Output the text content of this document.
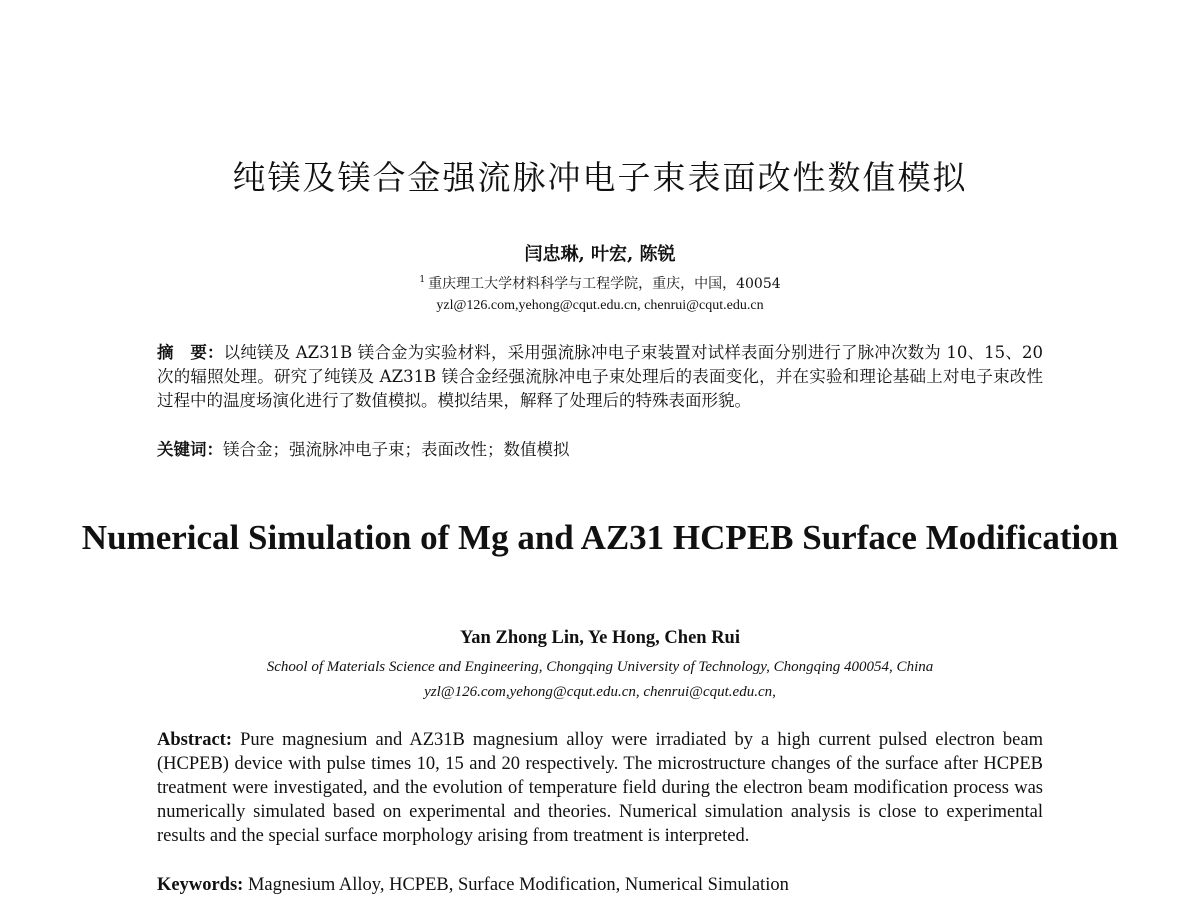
纯镁及镁合金强流脉冲电子束表面改性数值模拟
闫忠琳, 叶宏, 陈锐
$^1$ 重庆理工大学材料科学与工程学院，重庆，中国，40054
yzl@126.com,yehong@cqut.edu.cn, chenrui@cqut.edu.cn

摘　要：以纯镁及 AZ31B 镁合金为实验材料，采用强流脉冲电子束装置对试样表面分别进行了脉冲次数为 10、15、20 次的辐照处理。研究了纯镁及 AZ31B 镁合金经强流脉冲电子束处理后的表面变化，并在实验和理论基础上对电子束改性过程中的温度场演化进行了数值模拟。模拟结果，解释了处理后的特殊表面形貌。

关键词：镁合金；强流脉冲电子束；表面改性；数值模拟

Numerical Simulation of Mg and AZ31 HCPEB Surface Modification
Yan Zhong Lin, Ye Hong, Chen Rui
School of Materials Science and Engineering, Chongqing University of Technology, Chongqing 400054, China
yzl@126.com,yehong@cqut.edu.cn, chenrui@cqut.edu.cn,

Abstract: Pure magnesium and AZ31B magnesium alloy were irradiated by a high current pulsed electron beam (HCPEB) device with pulse times 10, 15 and 20 respectively. The microstructure changes of the surface after HCPEB treatment were investigated, and the evolution of temperature field during the electron beam modification process was numerically simulated based on experimental and theories. Numerical simulation analysis is close to experimental results and the special surface morphology arising from treatment is interpreted.

Keywords: Magnesium Alloy, HCPEB, Surface Modification, Numerical Simulation
